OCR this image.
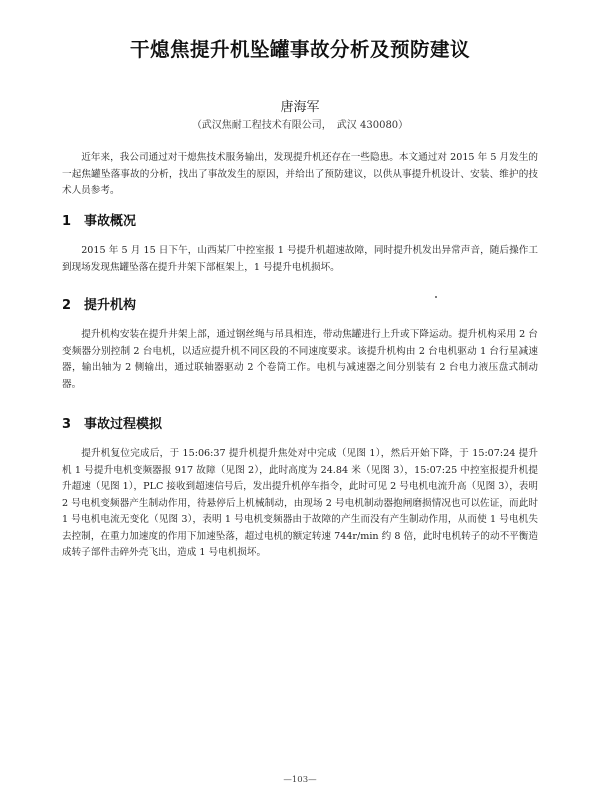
干熄焦提升机坠罐事故分析及预防建议
唐海军
（武汉焦耐工程技术有限公司，　武汉 430080）

近年来，我公司通过对干熄焦技术服务输出，发现提升机还存在一些隐患。本文通过对 2015 年 5 月发生的一起焦罐坠落事故的分析，找出了事故发生的原因，并给出了预防建议，以供从事提升机设计、安装、维护的技术人员参考。

1 事故概况

2015 年 5 月 15 日下午，山西某厂中控室报 1 号提升机超速故障，同时提升机发出异常声音，随后操作工到现场发现焦罐坠落在提升井架下部框架上，1 号提升电机损坏。

2 提升机构

提升机构安装在提升井架上部，通过钢丝绳与吊具相连，带动焦罐进行上升或下降运动。提升机构采用 2 台变频器分别控制 2 台电机，以适应提升机不同区段的不同速度要求。该提升机构由 2 台电机驱动 1 台行星减速器，输出轴为 2 侧输出，通过联轴器驱动 2 个卷筒工作。电机与减速器之间分别装有 2 台电力液压盘式制动器。

3 事故过程模拟

提升机复位完成后，于 15:06:37 提升机提升焦处对中完成（见图 1），然后开始下降，于 15:07:24 提升机 1 号提升电机变频器报 917 故障（见图 2），此时高度为 24.84 米（见图 3），15:07:25 中控室报提升机提升超速（见图 1），PLC 接收到超速信号后，发出提升机停车指令，此时可见 2 号电机电流升高（见图 3），表明 2 号电机变频器产生制动作用，待悬停后上机械制动，由现场 2 号电机制动器抱闸磨损情况也可以佐证，而此时 1 号电机电流无变化（见图 3），表明 1 号电机变频器由于故障的产生而没有产生制动作用，从而使 1 号电机失去控制，在重力加速度的作用下加速坠落，超过电机的额定转速 744r/min 约 8 倍，此时电机转子的动不平衡造成转子部件击碎外壳飞出，造成 1 号电机损坏。

—103—
